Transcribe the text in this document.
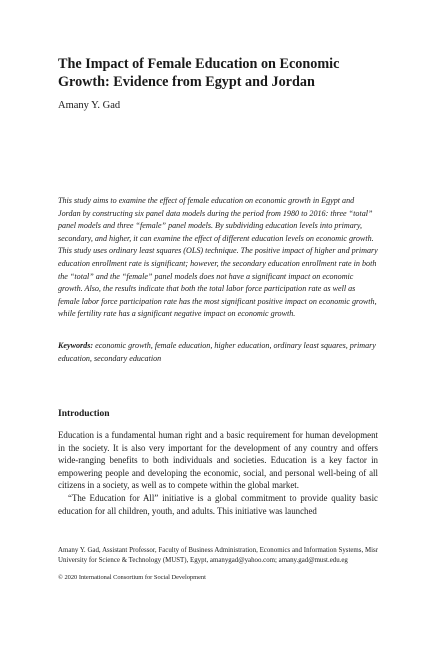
The Impact of Female Education on Economic Growth: Evidence from Egypt and Jordan
Amany Y. Gad

This study aims to examine the effect of female education on economic growth in Egypt and Jordan by constructing six panel data models during the period from 1980 to 2016: three “total” panel models and three “female” panel models. By subdividing education levels into primary, secondary, and higher, it can examine the effect of different education levels on economic growth. This study uses ordinary least squares (OLS) technique. The positive impact of higher and primary education enrollment rate is significant; however, the secondary education enrollment rate in both the “total” and the “female” panel models does not have a significant impact on economic growth. Also, the results indicate that both the total labor force participation rate as well as female labor force participation rate has the most significant positive impact on economic growth, while fertility rate has a significant negative impact on economic growth.

Keywords: economic growth, female education, higher education, ordinary least squares, primary education, secondary education

Introduction

Education is a fundamental human right and a basic requirement for human development in the society. It is also very important for the development of any country and offers wide-ranging benefits to both individuals and societies. Education is a key factor in empowering people and developing the economic, social, and personal well-being of all citizens in a society, as well as to compete within the global market.

“The Education for All” initiative is a global commitment to provide quality basic education for all children, youth, and adults. This initiative was launched

Amany Y. Gad, Assistant Professor, Faculty of Business Administration, Economics and Information Systems, Misr University for Science & Technology (MUST), Egypt, amanygad@yahoo.com; amany.gad@must.edu.eg

© 2020 International Consortium for Social Development
